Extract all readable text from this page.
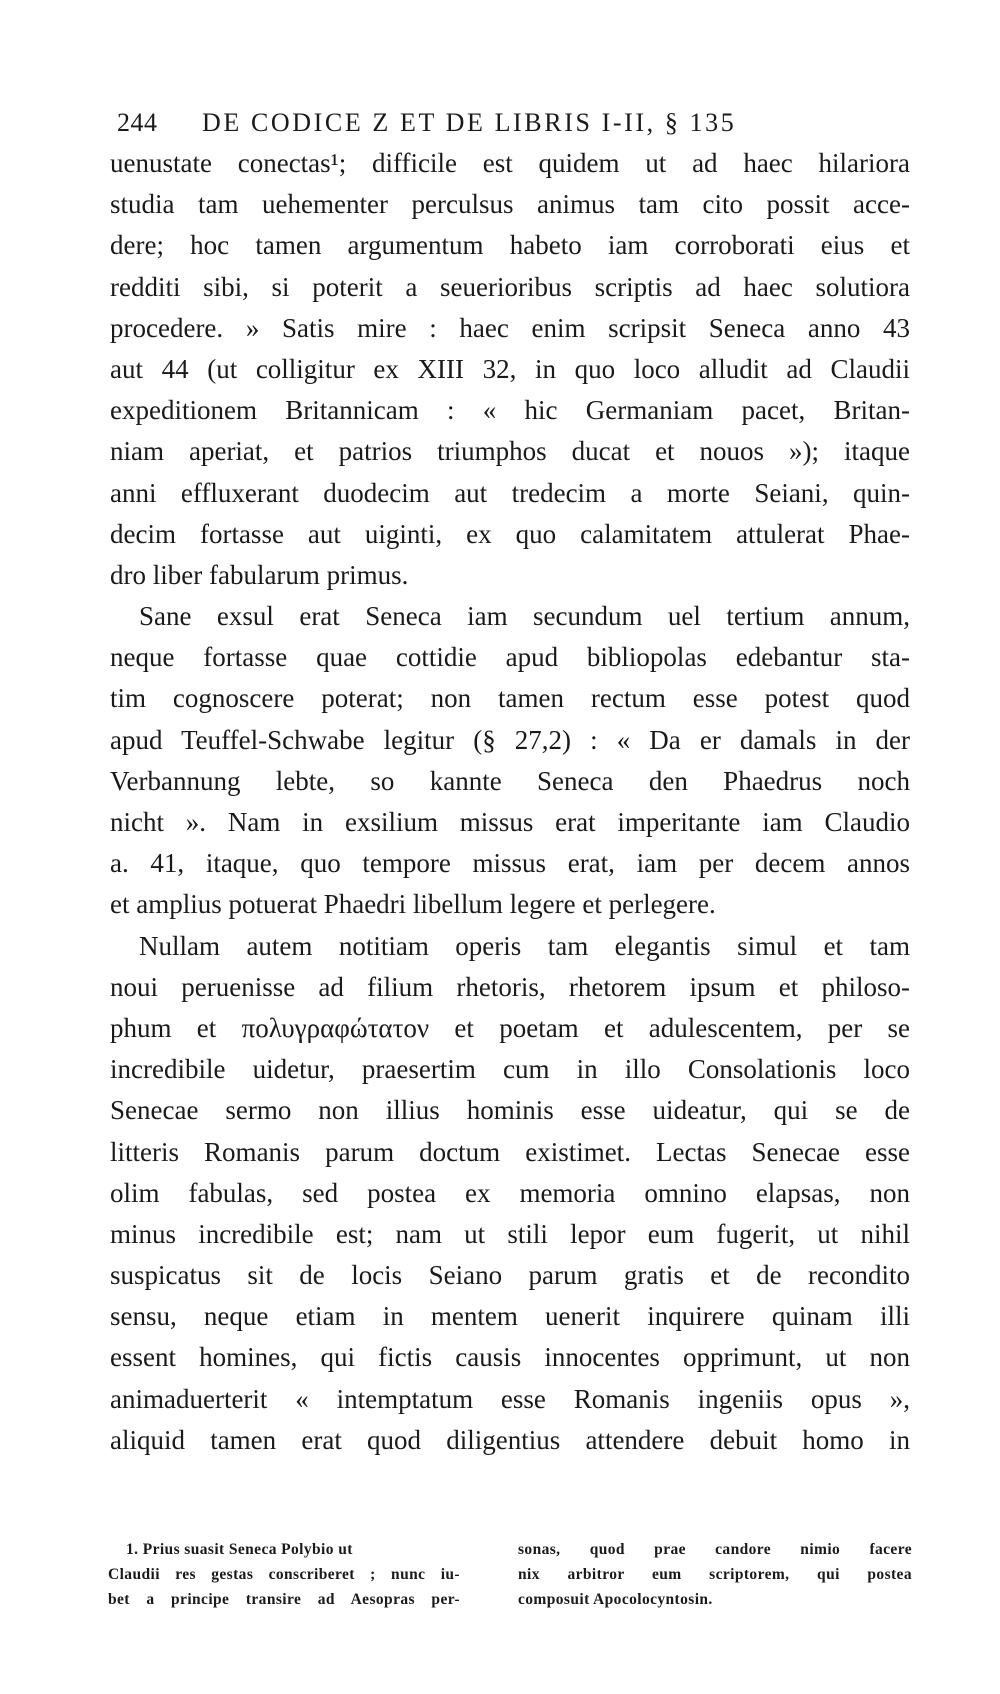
244 DE CODICE Z ET DE LIBRIS I-II, § 135
uenustate conectas¹; difficile est quidem ut ad haec hilariora
studia tam uehementer perculsus animus tam cito possit acce-
dere; hoc tamen argumentum habeto iam corroborati eius et
redditi sibi, si poterit a seuerioribus scriptis ad haec solutiora
procedere. » Satis mire : haec enim scripsit Seneca anno 43
aut 44 (ut colligitur ex XIII 32, in quo loco alludit ad Claudii
expeditionem Britannicam : « hic Germaniam pacet, Britan-
niam aperiat, et patrios triumphos ducat et nouos »); itaque
anni effluxerant duodecim aut tredecim a morte Seiani, quin-
decim fortasse aut uiginti, ex quo calamitatem attulerat Phae-
dro liber fabularum primus.
Sane exsul erat Seneca iam secundum uel tertium annum,
neque fortasse quae cottidie apud bibliopolas edebantur sta-
tim cognoscere poterat; non tamen rectum esse potest quod
apud Teuffel-Schwabe legitur (§ 27,2) : « Da er damals in der
Verbannung lebte, so kannte Seneca den Phaedrus noch
nicht ». Nam in exsilium missus erat imperitante iam Claudio
a. 41, itaque, quo tempore missus erat, iam per decem annos
et amplius potuerat Phaedri libellum legere et perlegere.
Nullam autem notitiam operis tam elegantis simul et tam
noui peruenisse ad filium rhetoris, rhetorem ipsum et philoso-
phum et πολυγραφώτατον et poetam et adulescentem, per se
incredibile uidetur, praesertim cum in illo Consolationis loco
Senecae sermo non illius hominis esse uideatur, qui se de
litteris Romanis parum doctum existimet. Lectas Senecae esse
olim fabulas, sed postea ex memoria omnino elapsas, non
minus incredibile est; nam ut stili lepor eum fugerit, ut nihil
suspicatus sit de locis Seiano parum gratis et de recondito
sensu, neque etiam in mentem uenerit inquirere quinam illi
essent homines, qui fictis causis innocentes opprimunt, ut non
animaduerterit « intemptatum esse Romanis ingeniis opus »,
aliquid tamen erat quod diligentius attendere debuit homo in
1. Prius suasit Seneca Polybio ut
Claudii res gestas conscriberet ; nunc iu-
bet a principe transire ad Aesopras per-
sonas, quod prae candore nimio facere
nix arbitror eum scriptorem, qui postea
composuit Apocolocyntosin.
